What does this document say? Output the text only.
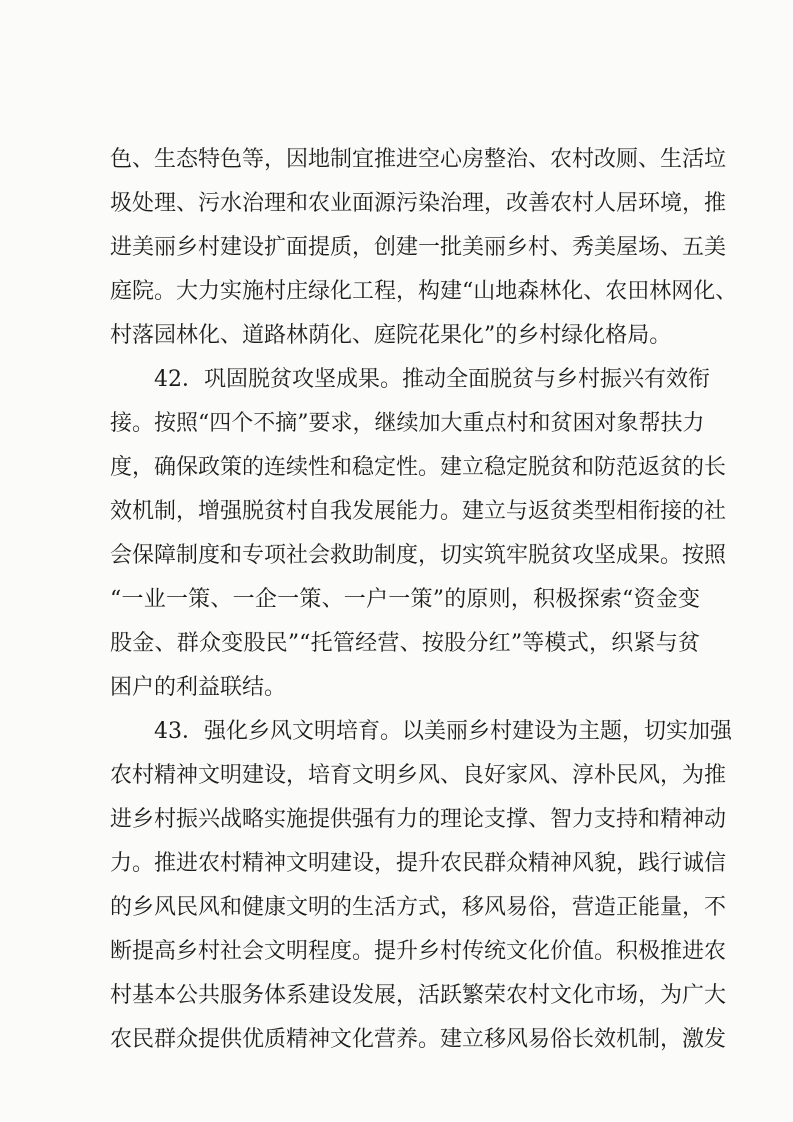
色、生态特色等，因地制宜推进空心房整治、农村改厕、生活垃
圾处理、污水治理和农业面源污染治理，改善农村人居环境，推
进美丽乡村建设扩面提质，创建一批美丽乡村、秀美屋场、五美
庭院。大力实施村庄绿化工程，构建“山地森林化、农田林网化、
村落园林化、道路林荫化、庭院花果化”的乡村绿化格局。
42．巩固脱贫攻坚成果。推动全面脱贫与乡村振兴有效衔
接。按照“四个不摘”要求，继续加大重点村和贫困对象帮扶力
度，确保政策的连续性和稳定性。建立稳定脱贫和防范返贫的长
效机制，增强脱贫村自我发展能力。建立与返贫类型相衔接的社
会保障制度和专项社会救助制度，切实筑牢脱贫攻坚成果。按照
“一业一策、一企一策、一户一策”的原则，积极探索“资金变
股金、群众变股民”“托管经营、按股分红”等模式，织紧与贫
困户的利益联结。
43．强化乡风文明培育。以美丽乡村建设为主题，切实加强
农村精神文明建设，培育文明乡风、良好家风、淳朴民风，为推
进乡村振兴战略实施提供强有力的理论支撑、智力支持和精神动
力。推进农村精神文明建设，提升农民群众精神风貌，践行诚信
的乡风民风和健康文明的生活方式，移风易俗，营造正能量，不
断提高乡村社会文明程度。提升乡村传统文化价值。积极推进农
村基本公共服务体系建设发展，活跃繁荣农村文化市场，为广大
农民群众提供优质精神文化营养。建立移风易俗长效机制，激发
